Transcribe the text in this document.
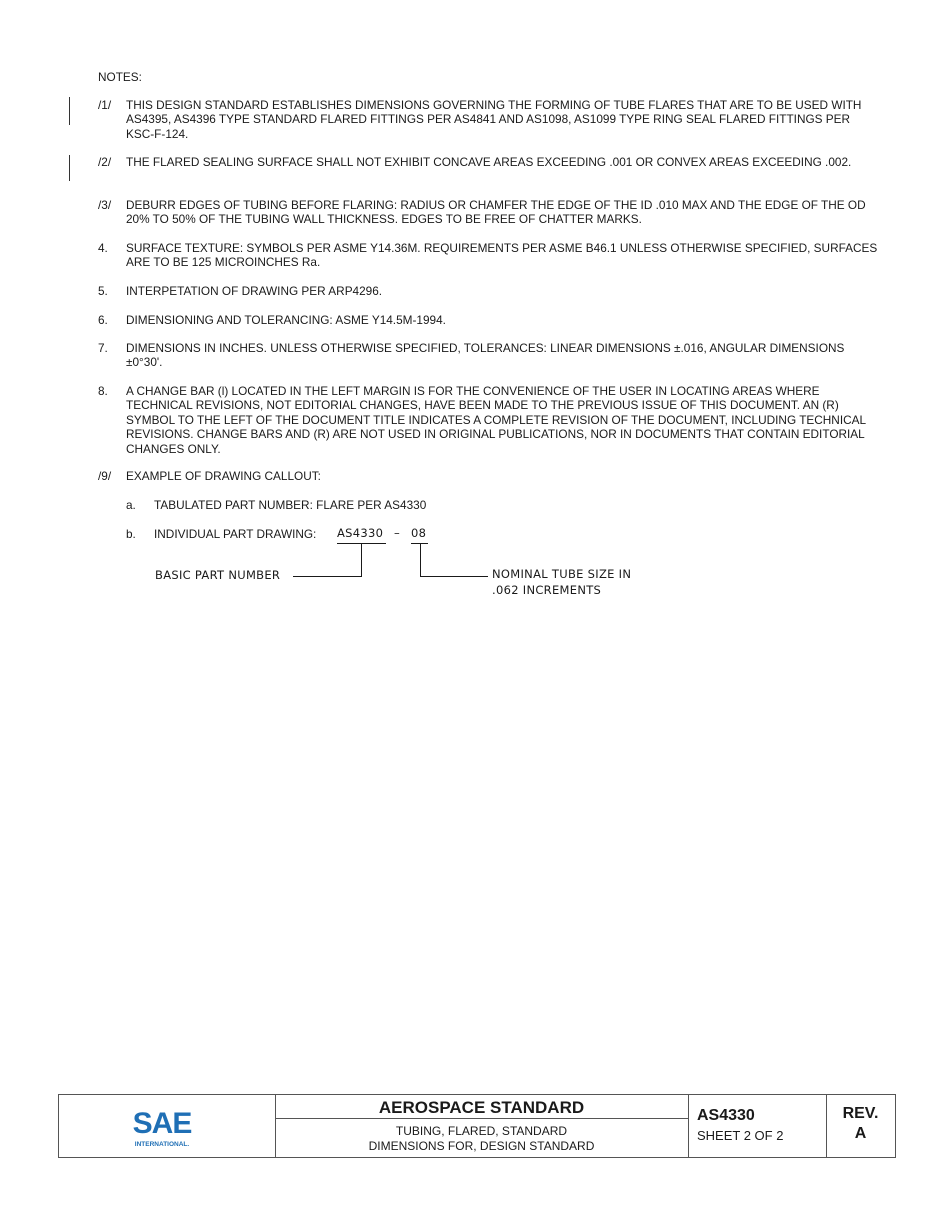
NOTES:
/1/ THIS DESIGN STANDARD ESTABLISHES DIMENSIONS GOVERNING THE FORMING OF TUBE FLARES THAT ARE TO BE USED WITH AS4395, AS4396 TYPE STANDARD FLARED FITTINGS PER AS4841 AND AS1098, AS1099 TYPE RING SEAL FLARED FITTINGS PER KSC-F-124.
/2/ THE FLARED SEALING SURFACE SHALL NOT EXHIBIT CONCAVE AREAS EXCEEDING .001 OR CONVEX AREAS EXCEEDING .002.
/3/ DEBURR EDGES OF TUBING BEFORE FLARING: RADIUS OR CHAMFER THE EDGE OF THE ID .010 MAX AND THE EDGE OF THE OD 20% TO 50% OF THE TUBING WALL THICKNESS. EDGES TO BE FREE OF CHATTER MARKS.
4. SURFACE TEXTURE: SYMBOLS PER ASME Y14.36M. REQUIREMENTS PER ASME B46.1 UNLESS OTHERWISE SPECIFIED, SURFACES ARE TO BE 125 MICROINCHES Ra.
5. INTERPETATION OF DRAWING PER ARP4296.
6. DIMENSIONING AND TOLERANCING: ASME Y14.5M-1994.
7. DIMENSIONS IN INCHES. UNLESS OTHERWISE SPECIFIED, TOLERANCES: LINEAR DIMENSIONS ±.016, ANGULAR DIMENSIONS ±0°30'.
8. A CHANGE BAR (l) LOCATED IN THE LEFT MARGIN IS FOR THE CONVENIENCE OF THE USER IN LOCATING AREAS WHERE TECHNICAL REVISIONS, NOT EDITORIAL CHANGES, HAVE BEEN MADE TO THE PREVIOUS ISSUE OF THIS DOCUMENT. AN (R) SYMBOL TO THE LEFT OF THE DOCUMENT TITLE INDICATES A COMPLETE REVISION OF THE DOCUMENT, INCLUDING TECHNICAL REVISIONS. CHANGE BARS AND (R) ARE NOT USED IN ORIGINAL PUBLICATIONS, NOR IN DOCUMENTS THAT CONTAIN EDITORIAL CHANGES ONLY.
/9/ EXAMPLE OF DRAWING CALLOUT:
a. TABULATED PART NUMBER: FLARE PER AS4330
b. INDIVIDUAL PART DRAWING: AS4330 – 08
BASIC PART NUMBER	NOMINAL TUBE SIZE IN
.062 INCREMENTS
SAE
INTERNATIONAL.
AEROSPACE STANDARD
TUBING, FLARED, STANDARD
DIMENSIONS FOR, DESIGN STANDARD
AS4330
SHEET 2 OF 2
REV.
A
